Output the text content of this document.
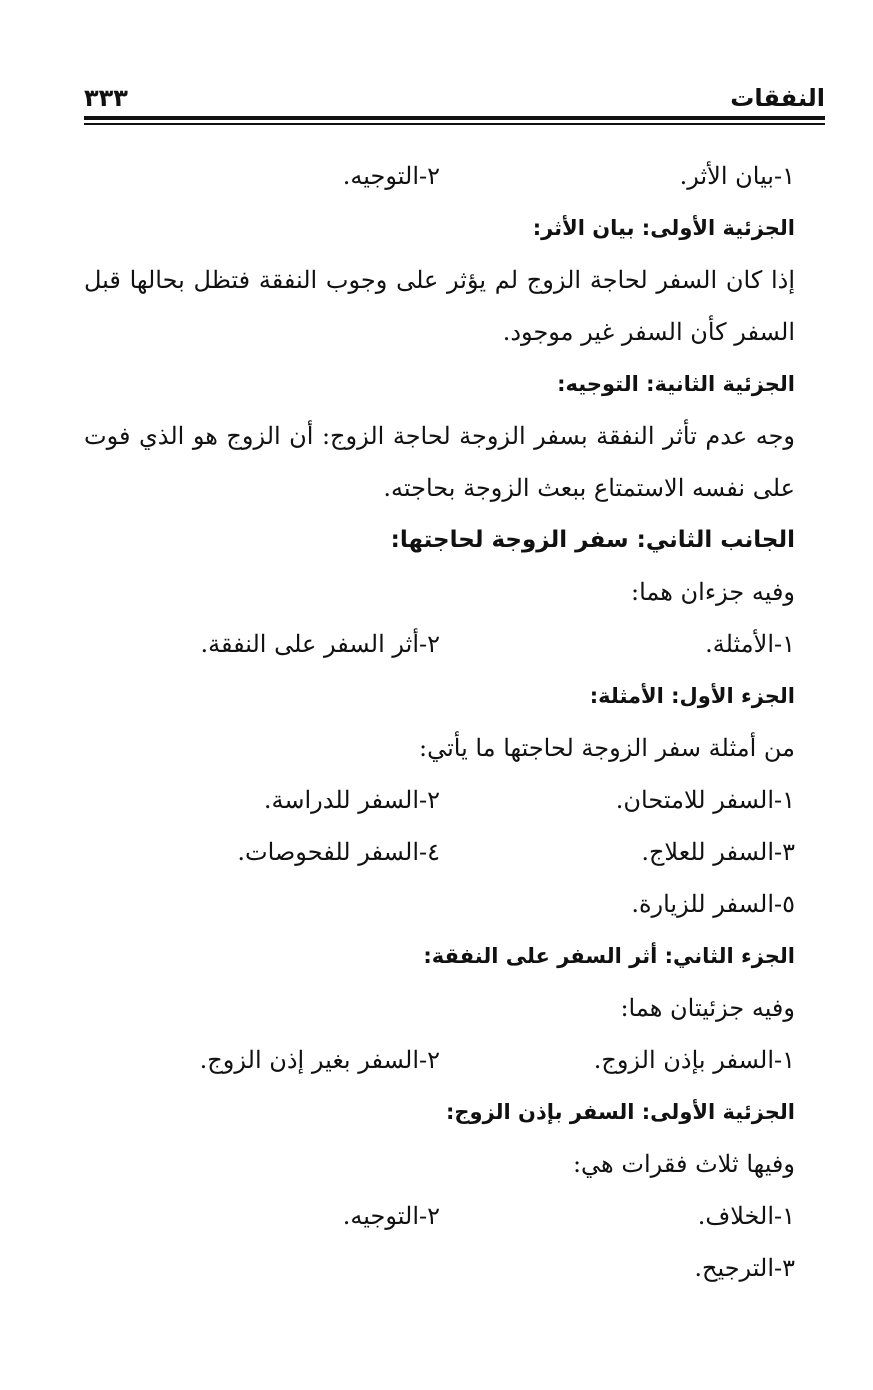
النفقات
٣٣٣
١-بيان الأثر.
٢-التوجيه.
الجزئية الأولى: بيان الأثر:
إذا كان السفر لحاجة الزوج لم يؤثر على وجوب النفقة فتظل بحالها قبل
السفر كأن السفر غير موجود.
الجزئية الثانية: التوجيه:
وجه عدم تأثر النفقة بسفر الزوجة لحاجة الزوج: أن الزوج هو الذي فوت
على نفسه الاستمتاع ببعث الزوجة بحاجته.
الجانب الثاني: سفر الزوجة لحاجتها:
وفيه جزءان هما:
١-الأمثلة.
٢-أثر السفر على النفقة.
الجزء الأول: الأمثلة:
من أمثلة سفر الزوجة لحاجتها ما يأتي:
١-السفر للامتحان.
٢-السفر للدراسة.
٣-السفر للعلاج.
٤-السفر للفحوصات.
٥-السفر للزيارة.
الجزء الثاني: أثر السفر على النفقة:
وفيه جزئيتان هما:
١-السفر بإذن الزوج.
٢-السفر بغير إذن الزوج.
الجزئية الأولى: السفر بإذن الزوج:
وفيها ثلاث فقرات هي:
١-الخلاف.
٢-التوجيه.
٣-الترجيح.
